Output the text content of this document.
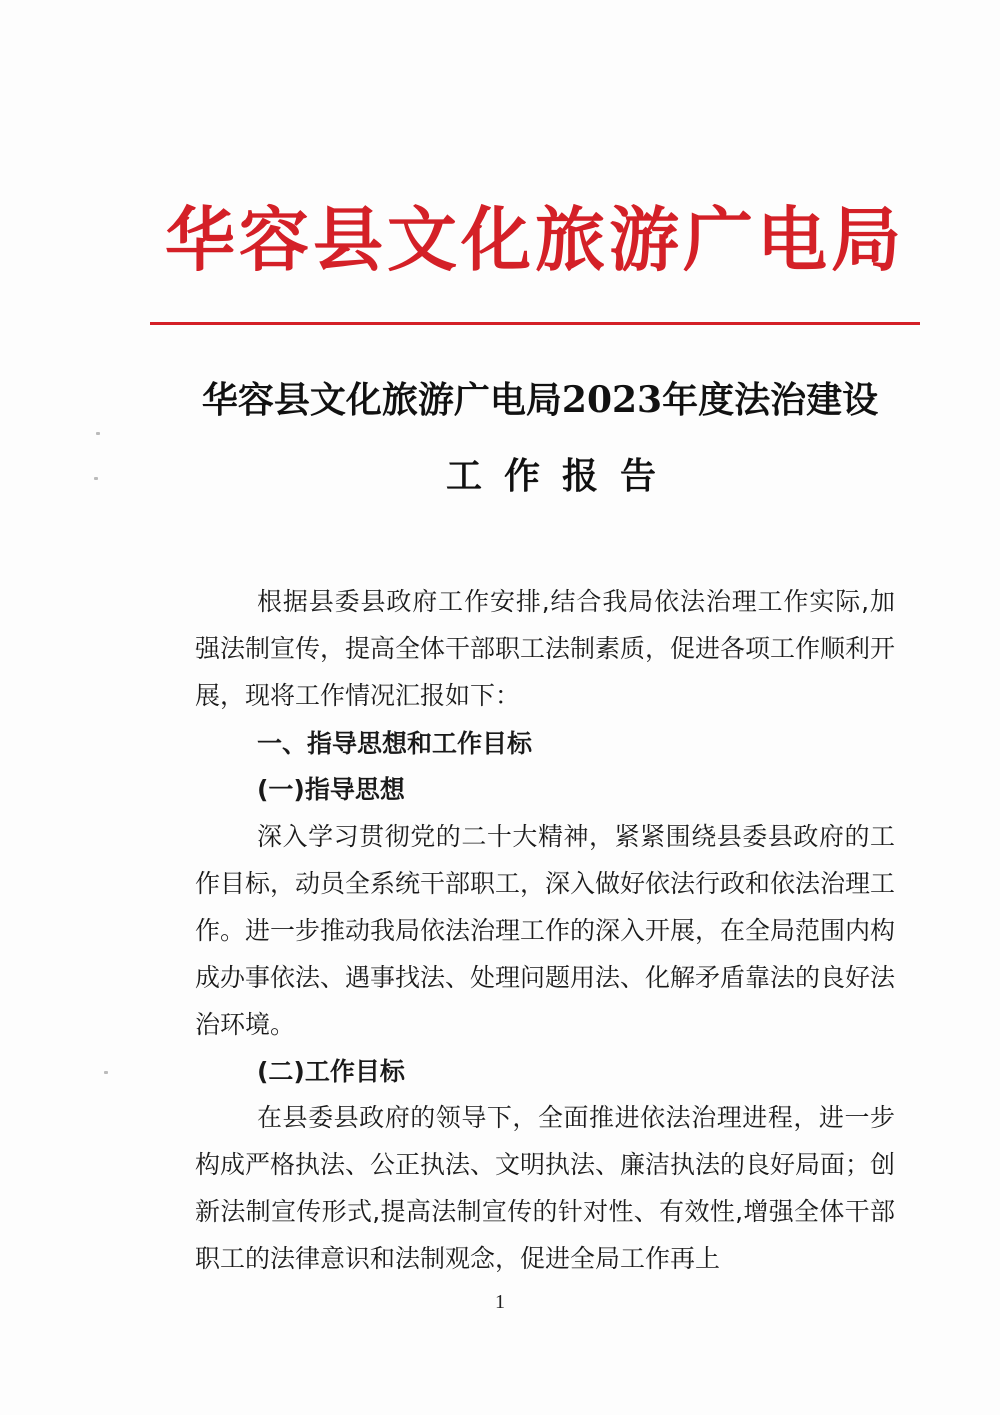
华容县文化旅游广电局
华容县文化旅游广电局2023年度法治建设
工作报告

根据县委县政府工作安排,结合我局依法治理工作实际,加强法制宣传，提高全体干部职工法制素质，促进各项工作顺利开展，现将工作情况汇报如下：

一、指导思想和工作目标

(一)指导思想

深入学习贯彻党的二十大精神，紧紧围绕县委县政府的工作目标，动员全系统干部职工，深入做好依法行政和依法治理工作。进一步推动我局依法治理工作的深入开展，在全局范围内构成办事依法、遇事找法、处理问题用法、化解矛盾靠法的良好法治环境。

(二)工作目标

在县委县政府的领导下，全面推进依法治理进程，进一步构成严格执法、公正执法、文明执法、廉洁执法的良好局面；创新法制宣传形式,提高法制宣传的针对性、有效性,增强全体干部职工的法律意识和法制观念，促进全局工作再上

1
